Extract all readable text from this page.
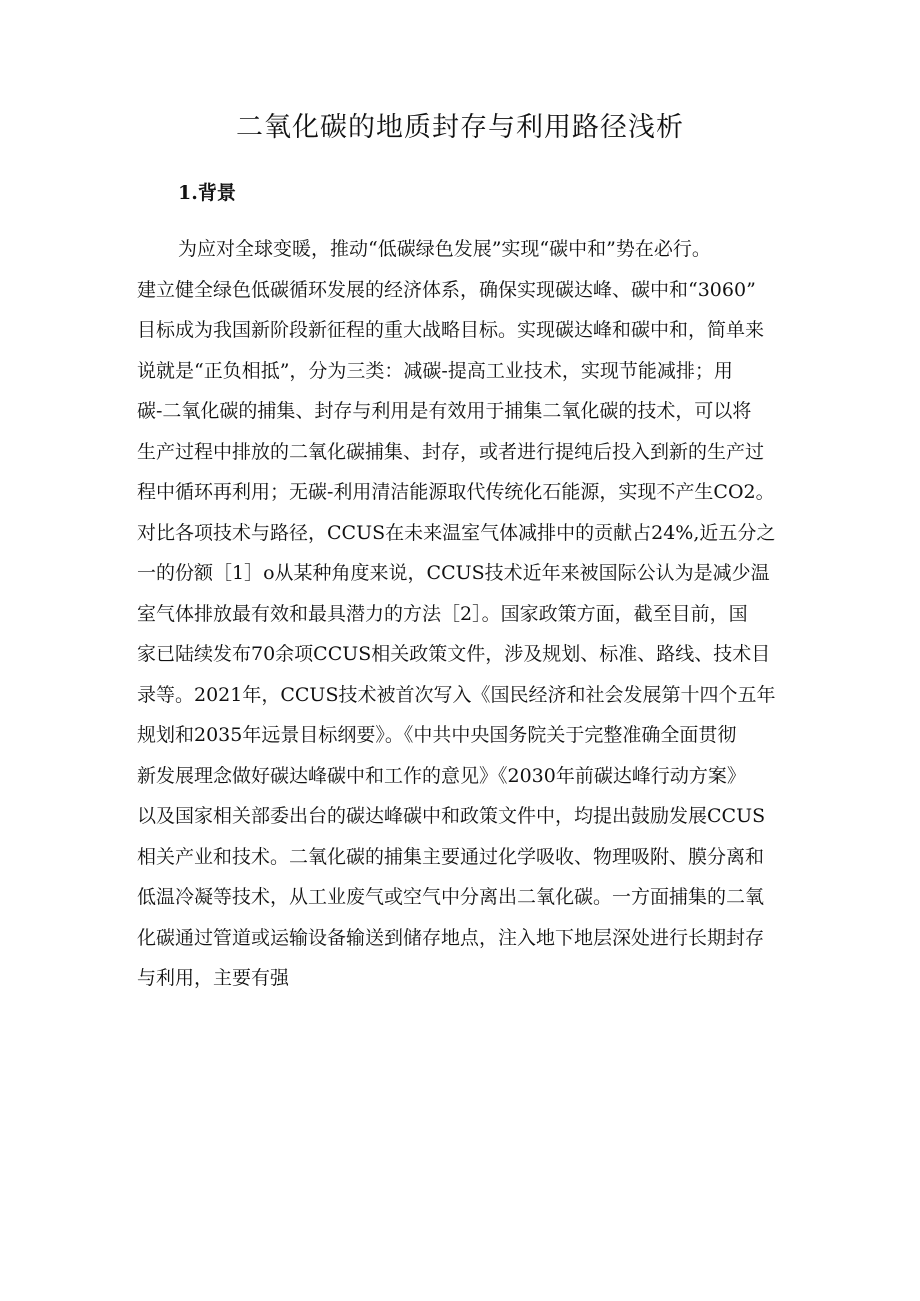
二氧化碳的地质封存与利用路径浅析
1.背景
为应对全球变暖，推动“低碳绿色发展”实现“碳中和”势在必行。
建立健全绿色低碳循环发展的经济体系，确保实现碳达峰、碳中和“3060”
目标成为我国新阶段新征程的重大战略目标。实现碳达峰和碳中和，简单来
说就是“正负相抵”，分为三类：减碳-提高工业技术，实现节能减排；用
碳-二氧化碳的捕集、封存与利用是有效用于捕集二氧化碳的技术，可以将
生产过程中排放的二氧化碳捕集、封存，或者进行提纯后投入到新的生产过
程中循环再利用；无碳-利用清洁能源取代传统化石能源，实现不产生CO2。
对比各项技术与路径，CCUS在未来温室气体减排中的贡献占24%,近五分之
一的份额［1］o从某种角度来说，CCUS技术近年来被国际公认为是减少温
室气体排放最有效和最具潜力的方法［2］。国家政策方面，截至目前，国
家已陆续发布70余项CCUS相关政策文件，涉及规划、标准、路线、技术目
录等。2021年，CCUS技术被首次写入《国民经济和社会发展第十四个五年
规划和2035年远景目标纲要》。《中共中央国务院关于完整准确全面贯彻
新发展理念做好碳达峰碳中和工作的意见》《2030年前碳达峰行动方案》
以及国家相关部委出台的碳达峰碳中和政策文件中，均提出鼓励发展CCUS
相关产业和技术。二氧化碳的捕集主要通过化学吸收、物理吸附、膜分离和
低温冷凝等技术，从工业废气或空气中分离出二氧化碳。一方面捕集的二氧
化碳通过管道或运输设备输送到储存地点，注入地下地层深处进行长期封存
与利用，主要有强
